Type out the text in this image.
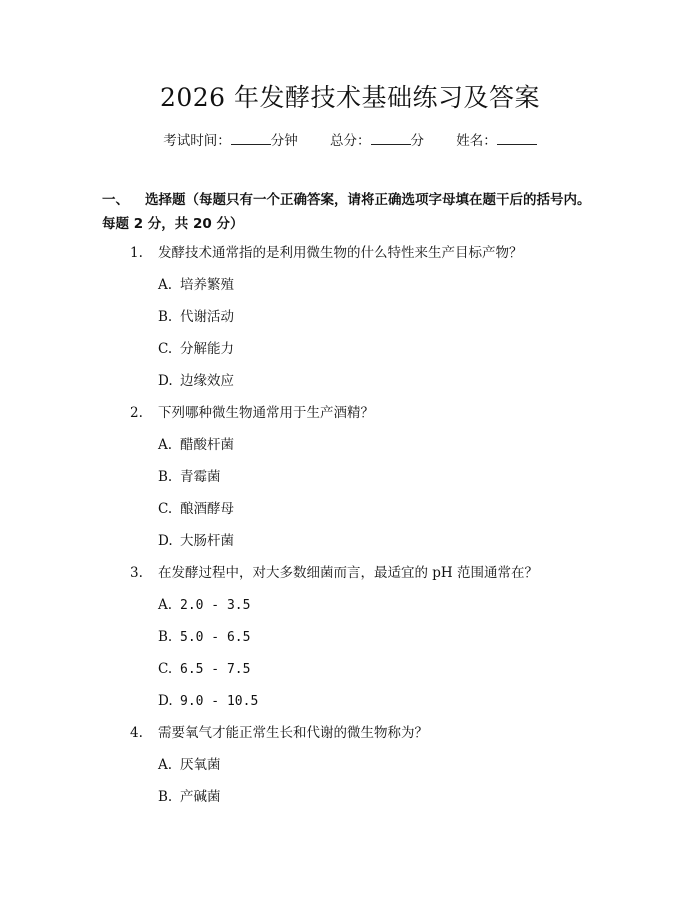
2026 年发酵技术基础练习及答案
考试时间：	分钟 总分：	分 姓名：
一、 选择题（每题只有一个正确答案，请将正确选项字母填在题干后的括号内。
每题 2 分，共 20 分）
1. 发酵技术通常指的是利用微生物的什么特性来生产目标产物？
A. 培养繁殖
B. 代谢活动
C. 分解能力
D. 边缘效应
2. 下列哪种微生物通常用于生产酒精？
A. 醋酸杆菌
B. 青霉菌
C. 酿酒酵母
D. 大肠杆菌
3. 在发酵过程中，对大多数细菌而言，最适宜的 pH 范围通常在？
A. 2.0 - 3.5
B. 5.0 - 6.5
C. 6.5 - 7.5
D. 9.0 - 10.5
4. 需要氧气才能正常生长和代谢的微生物称为？
A. 厌氧菌
B. 产碱菌
